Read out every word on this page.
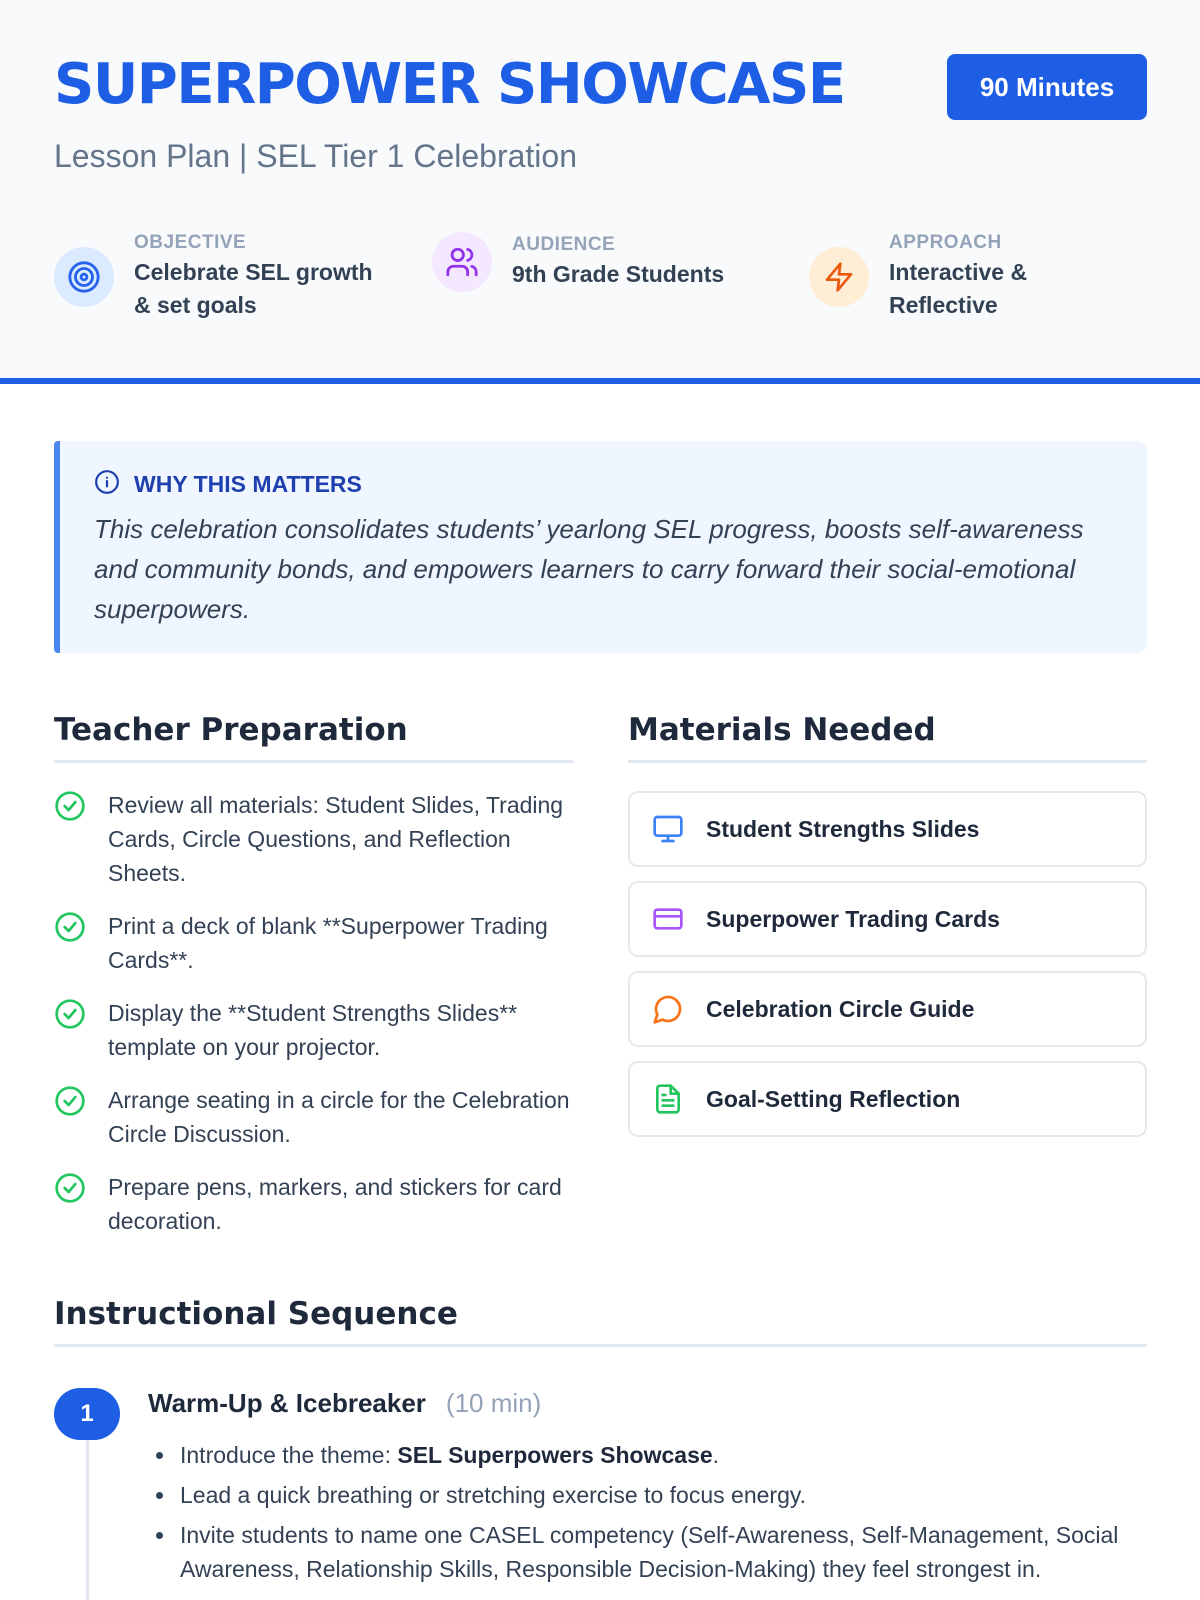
SUPERPOWER SHOWCASE	90 Minutes
Lesson Plan | SEL Tier 1 Celebration
OBJECTIVE
Celebrate SEL growth & set goals
AUDIENCE
9th Grade Students
APPROACH
Interactive & Reflective
WHY THIS MATTERS
This celebration consolidates students’ yearlong SEL progress, boosts self-awareness and community bonds, and empowers learners to carry forward their social-emotional superpowers.
Teacher Preparation
Review all materials: Student Slides, Trading Cards, Circle Questions, and Reflection Sheets.
Print a deck of blank **Superpower Trading Cards**.
Display the **Student Strengths Slides** template on your projector.
Arrange seating in a circle for the Celebration Circle Discussion.
Prepare pens, markers, and stickers for card decoration.
Materials Needed
Student Strengths Slides
Superpower Trading Cards
Celebration Circle Guide
Goal-Setting Reflection
Instructional Sequence
1	Warm-Up & Icebreaker (10 min)
Introduce the theme: SEL Superpowers Showcase.
Lead a quick breathing or stretching exercise to focus energy.
Invite students to name one CASEL competency (Self-Awareness, Self-Management, Social Awareness, Relationship Skills, Responsible Decision-Making) they feel strongest in.
